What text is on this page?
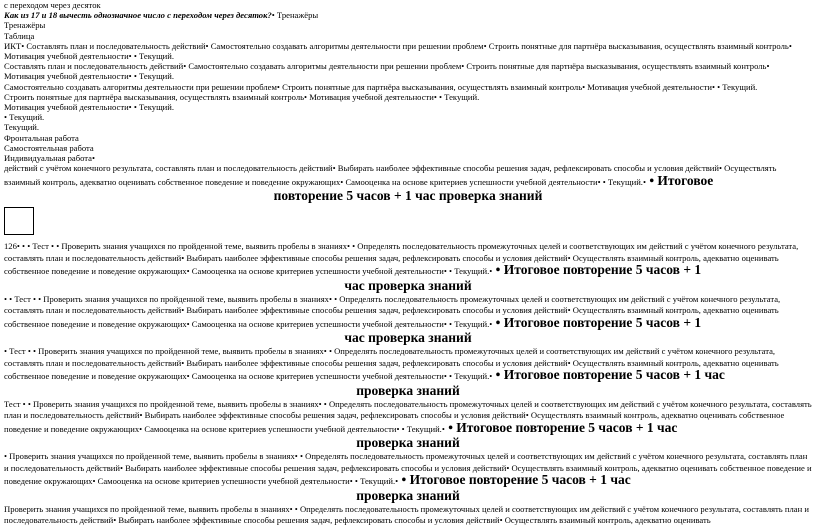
с переходом через десяток
Как из 17 и 18 вычесть однозначное число с переходом через десяток?• Тренажёры
Тренажёры
Таблица

ИКТ• Составлять план и последовательность действий• Самостоятельно создавать алгоритмы деятельности при решении проблем• Строить понятные для партнёра высказывания, осуществлять взаимный контроль• Мотивация учебной деятельности• • Текущий.

Составлять план и последовательность действий• Самостоятельно создавать алгоритмы деятельности при решении проблем• Строить понятные для партнёра высказывания, осуществлять взаимный контроль• Мотивация учебной деятельности• • Текущий.

Самостоятельно создавать алгоритмы деятельности при решении проблем• Строить понятные для партнёра высказывания, осуществлять взаимный контроль• Мотивация учебной деятельности• • Текущий.

Строить понятные для партнёра высказывания, осуществлять взаимный контроль• Мотивация учебной деятельности• • Текущий.

Мотивация учебной деятельности• • Текущий.

• Текущий.

Текущий.

Фронтальная работа

Самостоятельная работа

Индивидуальная работа•

действий с учётом конечного результата, составлять план и последовательность действий• Выбирать наиболее эффективные способы решения задач, рефлексировать способы и условия действий• Осуществлять взаимный контроль, адекватно оценивать собственное поведение и поведение окружающих• Самооценка на основе критериев успешности учебной деятельности• • Текущий.• • Итоговое

повторение 5 часов + 1 час проверка знаний

126• • • Тест • • Проверить знания учащихся по пройденной теме, выявить пробелы в знаниях• • Определять последовательность промежуточных целей и соответствующих им действий с учётом конечного результата, составлять план и последовательность действий• Выбирать наиболее эффективные способы решения задач, рефлексировать способы и условия действий• Осуществлять взаимный контроль, адекватно оценивать собственное поведение и поведение окружающих• Самооценка на основе критериев успешности учебной деятельности• • Текущий.• • Итоговое повторение 5 часов + 1

час проверка знаний

• • Тест • • Проверить знания учащихся по пройденной теме, выявить пробелы в знаниях• • Определять последовательность промежуточных целей и соответствующих им действий с учётом конечного результата, составлять план и последовательность действий• Выбирать наиболее эффективные способы решения задач, рефлексировать способы и условия действий• Осуществлять взаимный контроль, адекватно оценивать собственное поведение и поведение окружающих• Самооценка на основе критериев успешности учебной деятельности• • Текущий.• • Итоговое повторение 5 часов + 1

час проверка знаний

• Тест • • Проверить знания учащихся по пройденной теме, выявить пробелы в знаниях• • Определять последовательность промежуточных целей и соответствующих им действий с учётом конечного результата, составлять план и последовательность действий• Выбирать наиболее эффективные способы решения задач, рефлексировать способы и условия действий• Осуществлять взаимный контроль, адекватно оценивать собственное поведение и поведение окружающих• Самооценка на основе критериев успешности учебной деятельности• • Текущий.• • Итоговое повторение 5 часов + 1 час

проверка знаний

Тест • • Проверить знания учащихся по пройденной теме, выявить пробелы в знаниях• • Определять последовательность промежуточных целей и соответствующих им действий с учётом конечного результата, составлять план и последовательность действий• Выбирать наиболее эффективные способы решения задач, рефлексировать способы и условия действий• Осуществлять взаимный контроль, адекватно оценивать собственное поведение и поведение окружающих• Самооценка на основе критериев успешности учебной деятельности• • Текущий.• • Итоговое повторение 5 часов + 1 час

проверка знаний

• Проверить знания учащихся по пройденной теме, выявить пробелы в знаниях• • Определять последовательность промежуточных целей и соответствующих им действий с учётом конечного результата, составлять план и последовательность действий• Выбирать наиболее эффективные способы решения задач, рефлексировать способы и условия действий• Осуществлять взаимный контроль, адекватно оценивать собственное поведение и поведение окружающих• Самооценка на основе критериев успешности учебной деятельности• • Текущий.• • Итоговое повторение 5 часов + 1 час

проверка знаний

Проверить знания учащихся по пройденной теме, выявить пробелы в знаниях• • Определять последовательность промежуточных целей и соответствующих им действий с учётом конечного результата, составлять план и последовательность действий• Выбирать наиболее эффективные способы решения задач, рефлексировать способы и условия действий• Осуществлять взаимный контроль, адекватно оценивать
